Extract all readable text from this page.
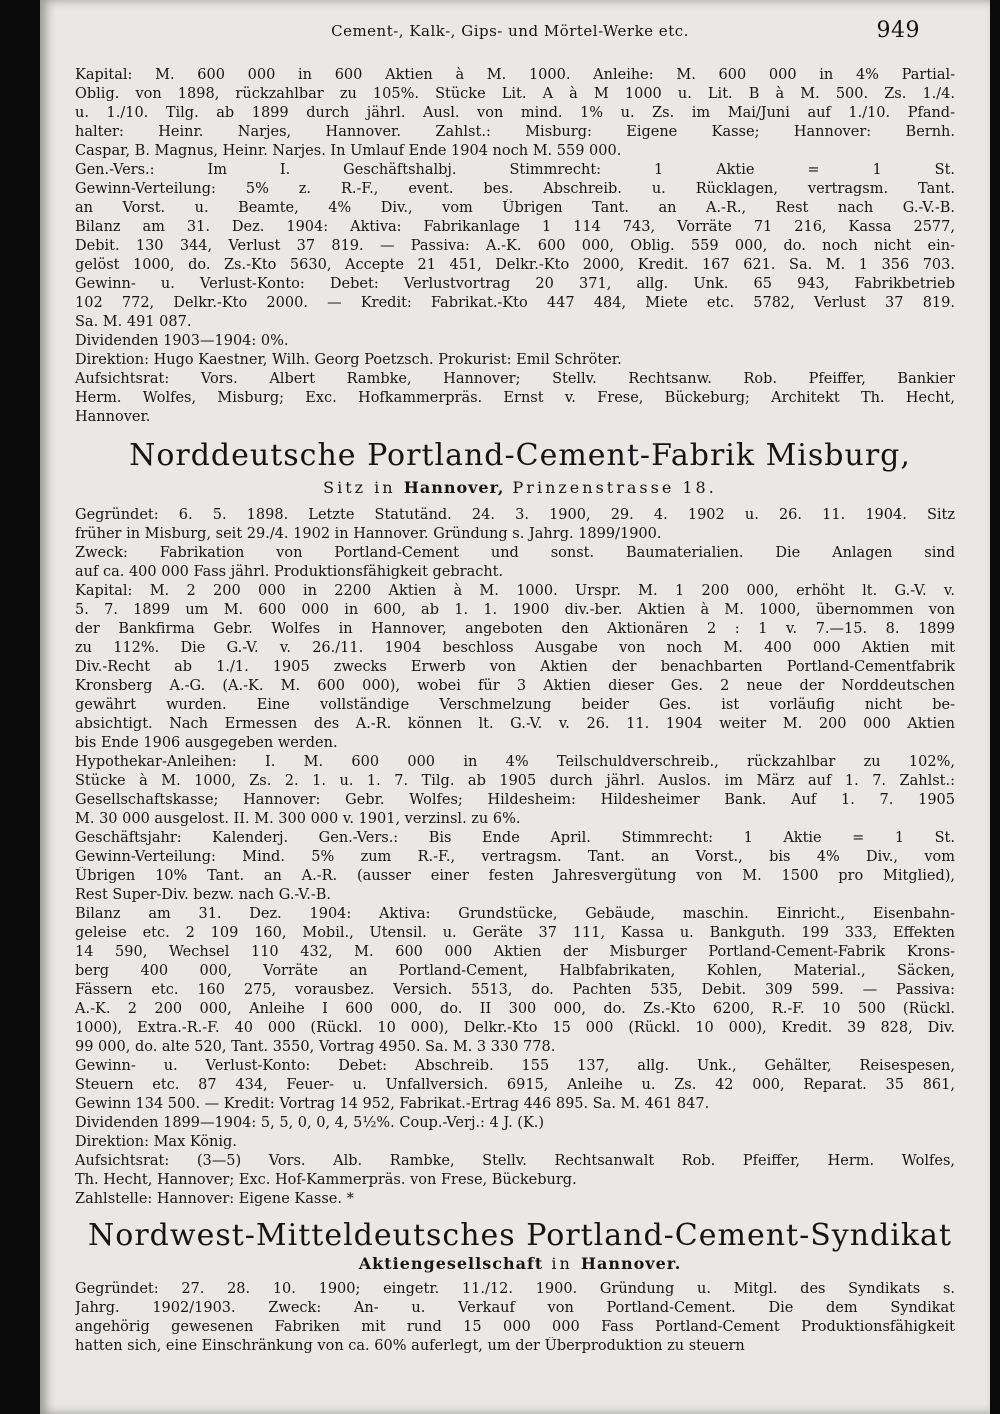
Cement-, Kalk-, Gips- und Mörtel-Werke etc.	949
Kapital: M. 600 000 in 600 Aktien à M. 1000. Anleihe: M. 600 000 in 4% Partial-
Oblig. von 1898, rückzahlbar zu 105%. Stücke Lit. A à M 1000 u. Lit. B à M. 500. Zs. 1./4.
u. 1./10. Tilg. ab 1899 durch jährl. Ausl. von mind. 1% u. Zs. im Mai/Juni auf 1./10. Pfand-
halter: Heinr. Narjes, Hannover. Zahlst.: Misburg: Eigene Kasse; Hannover: Bernh.
Caspar, B. Magnus, Heinr. Narjes. In Umlauf Ende 1904 noch M. 559 000.
Gen.-Vers.: Im I. Geschäftshalbj. Stimmrecht: 1 Aktie = 1 St.
Gewinn-Verteilung: 5% z. R.-F., event. bes. Abschreib. u. Rücklagen, vertragsm. Tant.
an Vorst. u. Beamte, 4% Div., vom Übrigen Tant. an A.-R., Rest nach G.-V.-B.
Bilanz am 31. Dez. 1904: Aktiva: Fabrikanlage 1 114 743, Vorräte 71 216, Kassa 2577,
Debit. 130 344, Verlust 37 819. — Passiva: A.-K. 600 000, Oblig. 559 000, do. noch nicht ein-
gelöst 1000, do. Zs.-Kto 5630, Accepte 21 451, Delkr.-Kto 2000, Kredit. 167 621. Sa. M. 1 356 703.
Gewinn- u. Verlust-Konto: Debet: Verlustvortrag 20 371, allg. Unk. 65 943, Fabrikbetrieb
102 772, Delkr.-Kto 2000. — Kredit: Fabrikat.-Kto 447 484, Miete etc. 5782, Verlust 37 819.
Sa. M. 491 087.
Dividenden 1903—1904: 0%.
Direktion: Hugo Kaestner, Wilh. Georg Poetzsch. Prokurist: Emil Schröter.
Aufsichtsrat: Vors. Albert Rambke, Hannover; Stellv. Rechtsanw. Rob. Pfeiffer, Bankier
Herm. Wolfes, Misburg; Exc. Hofkammerpräs. Ernst v. Frese, Bückeburg; Architekt Th. Hecht,
Hannover.
Norddeutsche Portland-Cement-Fabrik Misburg,
Sitz in Hannover, Prinzenstrasse 18.
Gegründet: 6. 5. 1898. Letzte Statutänd. 24. 3. 1900, 29. 4. 1902 u. 26. 11. 1904. Sitz
früher in Misburg, seit 29./4. 1902 in Hannover. Gründung s. Jahrg. 1899/1900.
Zweck: Fabrikation von Portland-Cement und sonst. Baumaterialien. Die Anlagen sind
auf ca. 400 000 Fass jährl. Produktionsfähigkeit gebracht.
Kapital: M. 2 200 000 in 2200 Aktien à M. 1000. Urspr. M. 1 200 000, erhöht lt. G.-V. v.
5. 7. 1899 um M. 600 000 in 600, ab 1. 1. 1900 div.-ber. Aktien à M. 1000, übernommen von
der Bankfirma Gebr. Wolfes in Hannover, angeboten den Aktionären 2 : 1 v. 7.—15. 8. 1899
zu 112%. Die G.-V. v. 26./11. 1904 beschloss Ausgabe von noch M. 400 000 Aktien mit
Div.-Recht ab 1./1. 1905 zwecks Erwerb von Aktien der benachbarten Portland-Cementfabrik
Kronsberg A.-G. (A.-K. M. 600 000), wobei für 3 Aktien dieser Ges. 2 neue der Norddeutschen
gewährt wurden. Eine vollständige Verschmelzung beider Ges. ist vorläufig nicht be-
absichtigt. Nach Ermessen des A.-R. können lt. G.-V. v. 26. 11. 1904 weiter M. 200 000 Aktien
bis Ende 1906 ausgegeben werden.
Hypothekar-Anleihen: I. M. 600 000 in 4% Teilschuldverschreib., rückzahlbar zu 102%,
Stücke à M. 1000, Zs. 2. 1. u. 1. 7. Tilg. ab 1905 durch jährl. Auslos. im März auf 1. 7. Zahlst.:
Gesellschaftskasse; Hannover: Gebr. Wolfes; Hildesheim: Hildesheimer Bank. Auf 1. 7. 1905
M. 30 000 ausgelost. II. M. 300 000 v. 1901, verzinsl. zu 6%.
Geschäftsjahr: Kalenderj. Gen.-Vers.: Bis Ende April. Stimmrecht: 1 Aktie = 1 St.
Gewinn-Verteilung: Mind. 5% zum R.-F., vertragsm. Tant. an Vorst., bis 4% Div., vom
Übrigen 10% Tant. an A.-R. (ausser einer festen Jahresvergütung von M. 1500 pro Mitglied),
Rest Super-Div. bezw. nach G.-V.-B.
Bilanz am 31. Dez. 1904: Aktiva: Grundstücke, Gebäude, maschin. Einricht., Eisenbahn-
geleise etc. 2 109 160, Mobil., Utensil. u. Geräte 37 111, Kassa u. Bankguth. 199 333, Effekten
14 590, Wechsel 110 432, M. 600 000 Aktien der Misburger Portland-Cement-Fabrik Krons-
berg 400 000, Vorräte an Portland-Cement, Halbfabrikaten, Kohlen, Material., Säcken,
Fässern etc. 160 275, vorausbez. Versich. 5513, do. Pachten 535, Debit. 309 599. — Passiva:
A.-K. 2 200 000, Anleihe I 600 000, do. II 300 000, do. Zs.-Kto 6200, R.-F. 10 500 (Rückl.
1000), Extra.-R.-F. 40 000 (Rückl. 10 000), Delkr.-Kto 15 000 (Rückl. 10 000), Kredit. 39 828, Div.
99 000, do. alte 520, Tant. 3550, Vortrag 4950. Sa. M. 3 330 778.
Gewinn- u. Verlust-Konto: Debet: Abschreib. 155 137, allg. Unk., Gehälter, Reisespesen,
Steuern etc. 87 434, Feuer- u. Unfallversich. 6915, Anleihe u. Zs. 42 000, Reparat. 35 861,
Gewinn 134 500. — Kredit: Vortrag 14 952, Fabrikat.-Ertrag 446 895. Sa. M. 461 847.
Dividenden 1899—1904: 5, 5, 0, 0, 4, 5½%. Coup.-Verj.: 4 J. (K.)
Direktion: Max König.
Aufsichtsrat: (3—5) Vors. Alb. Rambke, Stellv. Rechtsanwalt Rob. Pfeiffer, Herm. Wolfes,
Th. Hecht, Hannover; Exc. Hof-Kammerpräs. von Frese, Bückeburg.
Zahlstelle: Hannover: Eigene Kasse. *
Nordwest-Mitteldeutsches Portland-Cement-Syndikat
Aktiengesellschaft in Hannover.
Gegründet: 27. 28. 10. 1900; eingetr. 11./12. 1900. Gründung u. Mitgl. des Syndikats s.
Jahrg. 1902/1903. Zweck: An- u. Verkauf von Portland-Cement. Die dem Syndikat
angehörig gewesenen Fabriken mit rund 15 000 000 Fass Portland-Cement Produktionsfähigkeit
hatten sich, eine Einschränkung von ca. 60% auferlegt, um der Überproduktion zu steuern
